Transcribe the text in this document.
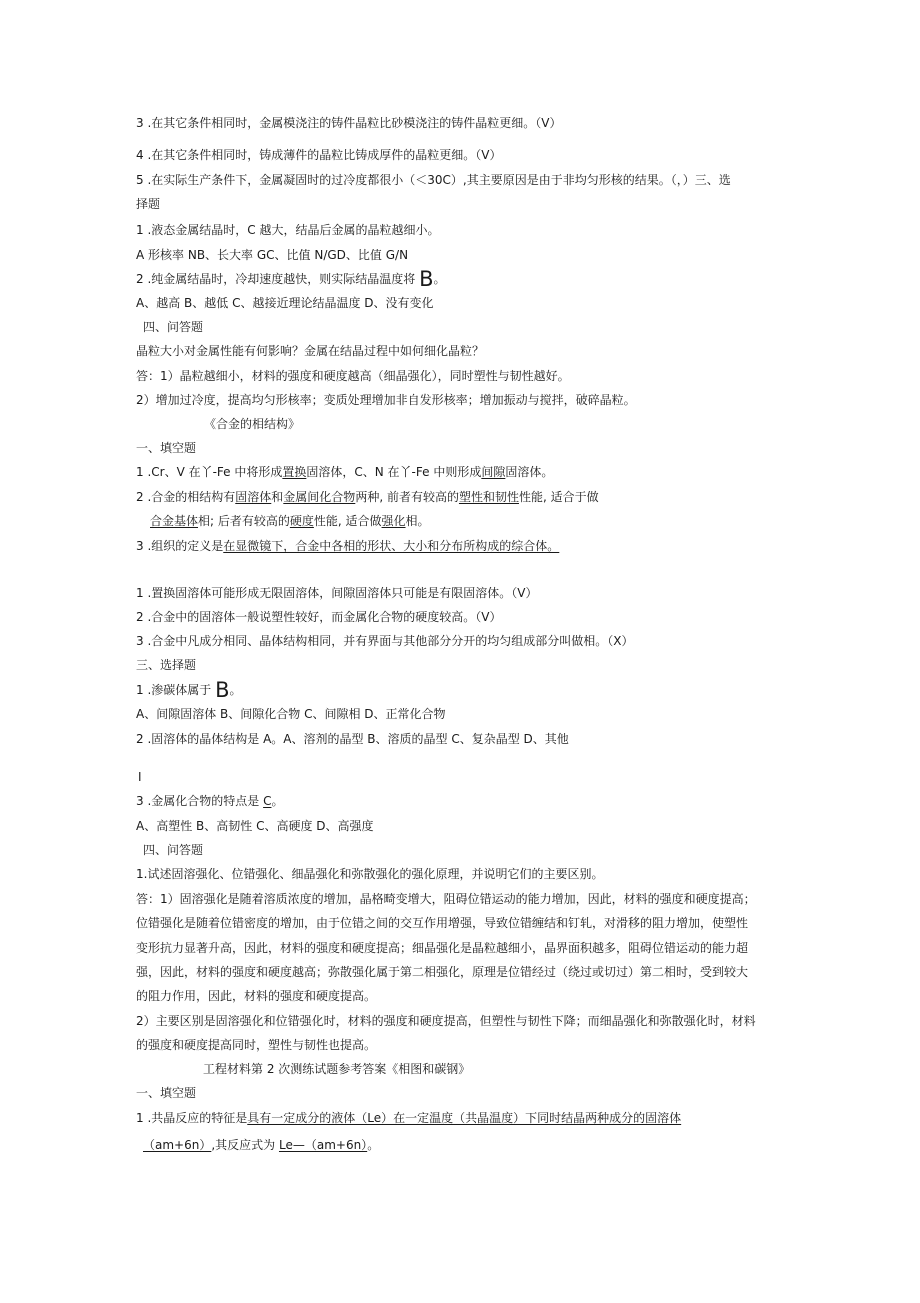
3 .在其它条件相同时，金属模浇注的铸件晶粒比砂模浇注的铸件晶粒更细。（V）
4 .在其它条件相同时，铸成薄件的晶粒比铸成厚件的晶粒更细。（V）
5 .在实际生产条件下，金属凝固时的过冷度都很小（＜30C）,其主要原因是由于非均匀形核的结果。（，）三、选
择题
1 .液态金属结晶时，C 越大，结晶后金属的晶粒越细小。
A 形核率 NB、长大率 GC、比值 N/GD、比值 G/N
2 .纯金属结晶时，冷却速度越快，则实际结晶温度将 B。
A、越高 B、越低 C、越接近理论结晶温度 D、没有变化
四、问答题
晶粒大小对金属性能有何影响？金属在结晶过程中如何细化晶粒？
答：1）晶粒越细小，材料的强度和硬度越高（细晶强化），同时塑性与韧性越好。
2）增加过冷度，提高均匀形核率；变质处理增加非自发形核率；增加振动与搅拌，破碎晶粒。
《合金的相结构》
一、填空题
1 .Cr、V 在丫-Fe 中将形成置换固溶体，C、N 在丫-Fe 中则形成间隙固溶体。
2 .合金的相结构有固溶体和金属间化合物两种, 前者有较高的塑性和韧性性能, 适合于做
合金基体相; 后者有较高的硬度性能, 适合做强化相。
3 .组织的定义是在显微镜下，合金中各相的形状、大小和分布所构成的综合体。
1 .置换固溶体可能形成无限固溶体，间隙固溶体只可能是有限固溶体。（V）
2 .合金中的固溶体一般说塑性较好，而金属化合物的硬度较高。（V）
3 .合金中凡成分相同、晶体结构相同，并有界面与其他部分分开的均匀组成部分叫做相。（X）
三、选择题
1 .渗碳体属于 B。
A、间隙固溶体 B、间隙化合物 C、间隙相 D、正常化合物
2 .固溶体的晶体结构是 A。A、溶剂的晶型 B、溶质的晶型 C、复杂晶型 D、其他
I
3 .金属化合物的特点是 C。
A、高塑性 B、高韧性 C、高硬度 D、高强度
四、问答题
1.试述固溶强化、位错强化、细晶强化和弥散强化的强化原理，并说明它们的主要区别。
答：1）固溶强化是随着溶质浓度的增加，晶格畸变增大，阻碍位错运动的能力增加，因此，材料的强度和硬度提高；
位错强化是随着位错密度的增加，由于位错之间的交互作用增强，导致位错缠结和钉轧，对滑移的阻力增加，使塑性
变形抗力显著升高，因此，材料的强度和硬度提高；细晶强化是晶粒越细小，晶界面积越多，阻碍位错运动的能力超
强，因此，材料的强度和硬度越高；弥散强化属于第二相强化，原理是位错经过（绕过或切过）第二相时，受到较大
的阻力作用，因此，材料的强度和硬度提高。
2）主要区别是固溶强化和位错强化时，材料的强度和硬度提高，但塑性与韧性下降；而细晶强化和弥散强化时，材料
的强度和硬度提高同时，塑性与韧性也提高。
工程材料第 2 次测练试题参考答案《相图和碳钢》
一、填空题
1 .共晶反应的特征是具有一定成分的液体（Le）在一定温度（共晶温度）下同时结晶两种成分的固溶体
（am+6n）,其反应式为 Le—（am+6n）。
